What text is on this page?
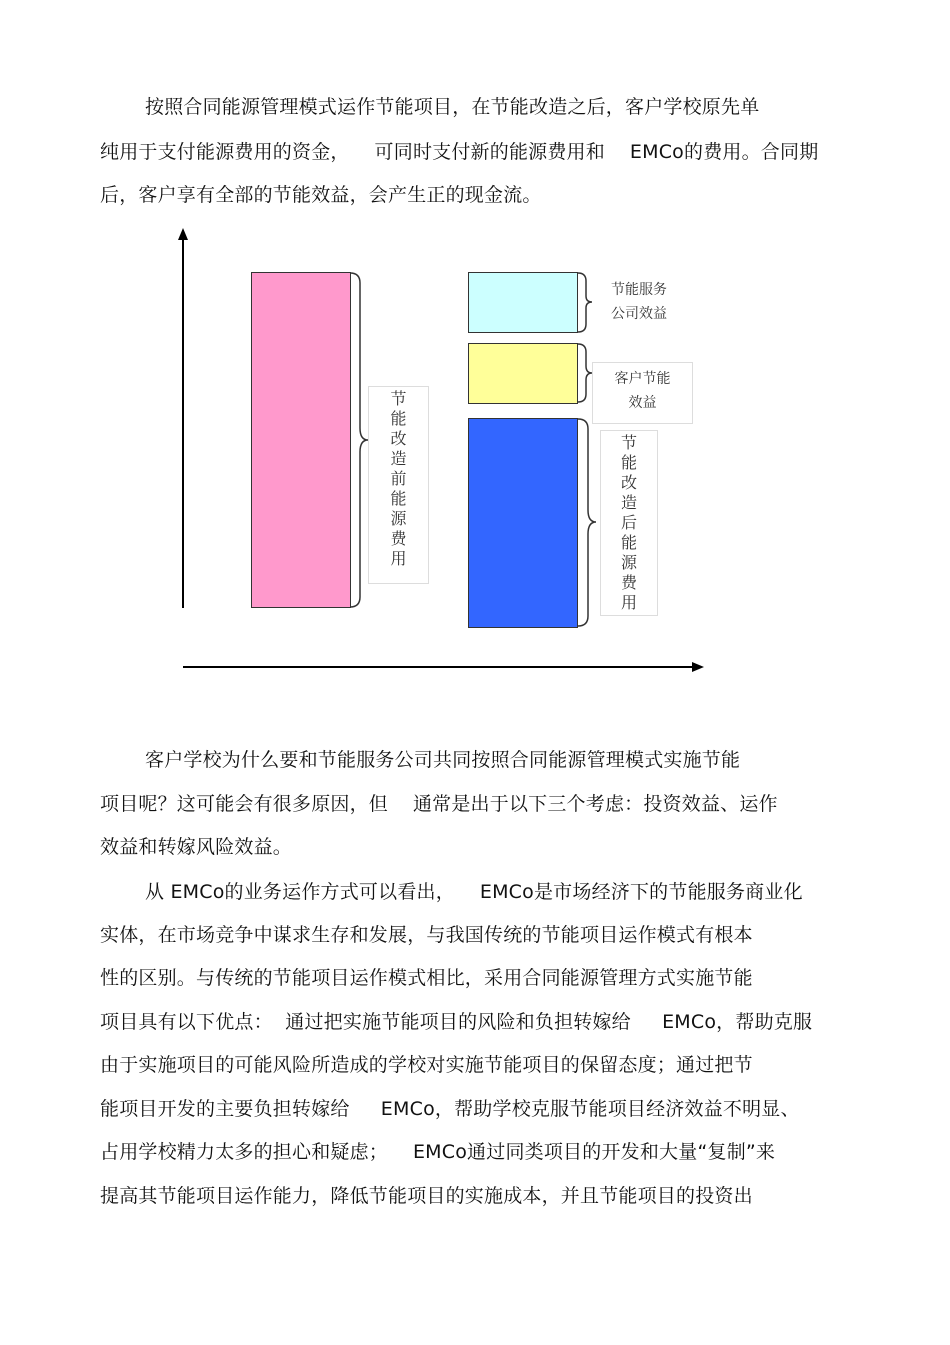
按照合同能源管理模式运作节能项目，在节能改造之后，客户学校原先单
纯用于支付能源费用的资金，    可同时支付新的能源费用和    EMCo的费用。合同期
后，客户享有全部的节能效益，会产生正的现金流。
节
能
改
造
前
能
源
费
用
节能服务
公司效益
客户节能
效益
节
能
改
造
后
能
源
费
用
客户学校为什么要和节能服务公司共同按照合同能源管理模式实施节能
项目呢？这可能会有很多原因，但    通常是出于以下三个考虑：投资效益、运作
效益和转嫁风险效益。
从 EMCo的业务运作方式可以看出，    EMCo是市场经济下的节能服务商业化
实体，在市场竞争中谋求生存和发展，与我国传统的节能项目运作模式有根本
性的区别。与传统的节能项目运作模式相比，采用合同能源管理方式实施节能
项目具有以下优点：  通过把实施节能项目的风险和负担转嫁给     EMCo，帮助克服
由于实施项目的可能风险所造成的学校对实施节能项目的保留态度；通过把节
能项目开发的主要负担转嫁给     EMCo，帮助学校克服节能项目经济效益不明显、
占用学校精力太多的担心和疑虑；    EMCo通过同类项目的开发和大量“复制”来
提高其节能项目运作能力，降低节能项目的实施成本，并且节能项目的投资出
